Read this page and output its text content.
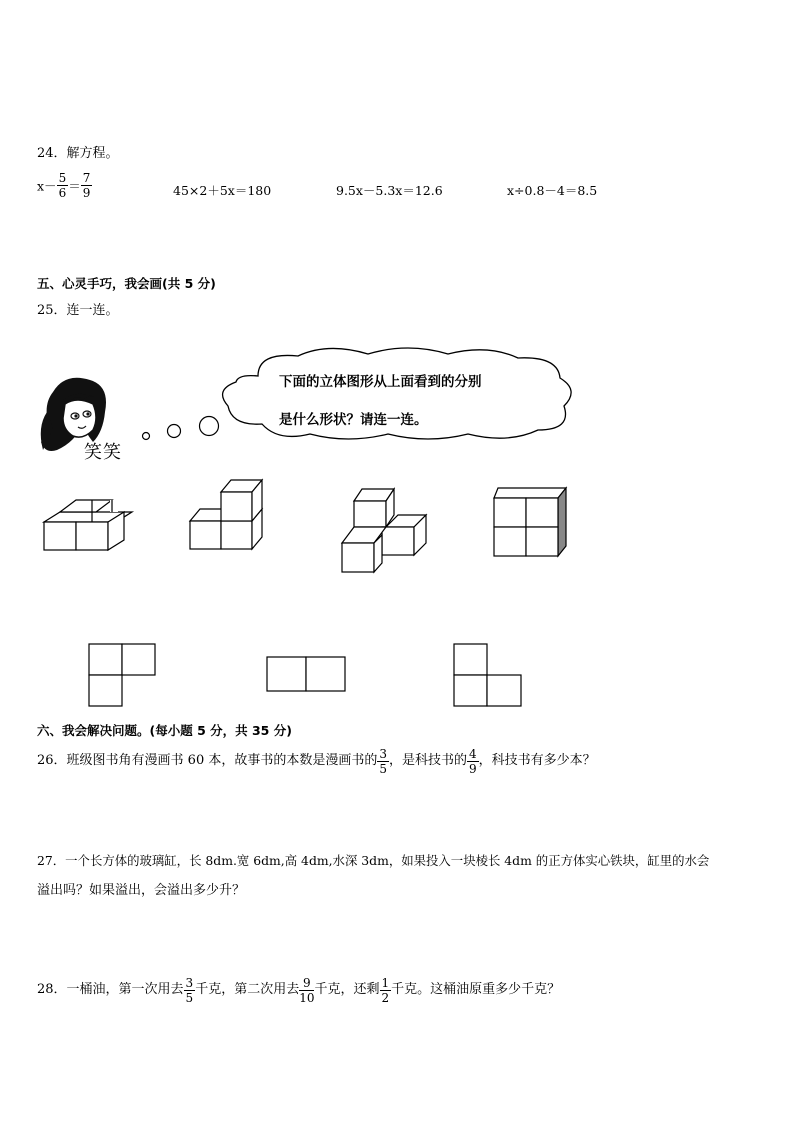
24．解方程。
$x- \frac{5}{6} = \frac{7}{9}$	45×2＋5x＝180	9.5x－5.3x＝12.6	x÷0.8－4＝8.5
五、心灵手巧，我会画(共 5 分)
25．连一连。
笑笑
下面的立体图形从上面看到的分别
是什么形状？请连一连。
六、我会解决问题。(每小题 5 分，共 35 分)
26．班级图书角有漫画书 60 本，故事书的本数是漫画书的 $\frac{3}{5}$ ，是科技书的 $\frac{4}{9}$ ，科技书有多少本？
27．一个长方体的玻璃缸，长 8dm.宽 6dm,高 4dm,水深 3dm，如果投入一块棱长 4dm 的正方体实心铁块，缸里的水会
溢出吗？如果溢出，会溢出多少升？
28．一桶油，第一次用去 $\frac{3}{5}$ 千克，第二次用去 $\frac{9}{10}$ 千克，还剩 $\frac{1}{2}$ 千克。这桶油原重多少千克？
